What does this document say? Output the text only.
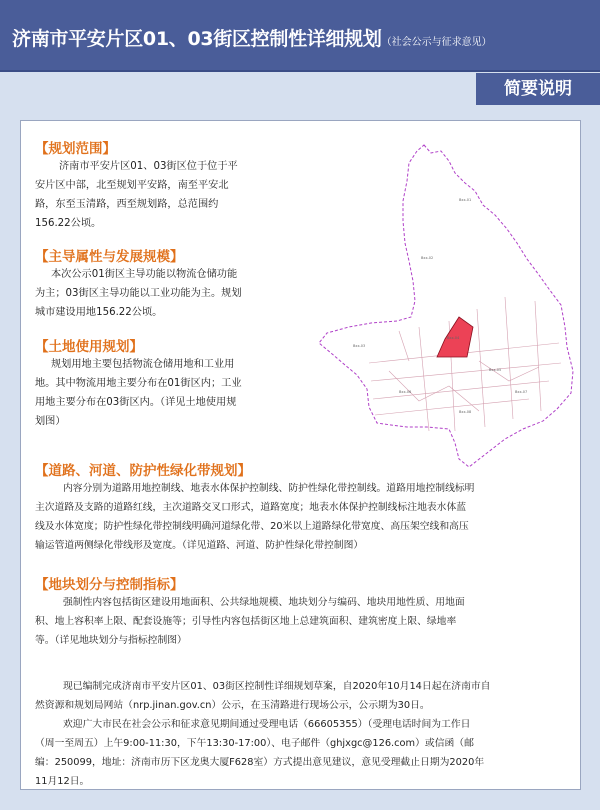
济南市平安片区01、03街区控制性详细规划（社会公示与征求意见）
简要说明
Bxx-01
Bxx-02
Bxx-03
Bxx-04
Bxx-05
Bxx-06	Bxx-07
Bxx-08

【规划范围】

济南市平安片区01、03街区位于位于平
安片区中部，北至规划平安路，南至平安北
路，东至玉清路，西至规划路，总范围约
156.22公顷。

【主导属性与发展规模】

本次公示01街区主导功能以物流仓储功能
为主；03街区主导功能以工业功能为主。规划
城市建设用地156.22公顷。

【土地使用规划】

规划用地主要包括物流仓储用地和工业用
地。其中物流用地主要分布在01街区内；工业
用地主要分布在03街区内。（详见土地使用规
划图）

【道路、河道、防护性绿化带规划】

内容分别为道路用地控制线、地表水体保护控制线、防护性绿化带控制线。道路用地控制线标明
主次道路及支路的道路红线，主次道路交叉口形式，道路宽度；地表水体保护控制线标注地表水体蓝
线及水体宽度；防护性绿化带控制线明确河道绿化带、20米以上道路绿化带宽度、高压架空线和高压
输运管道两侧绿化带线形及宽度。（详见道路、河道、防护性绿化带控制图）

【地块划分与控制指标】

强制性内容包括街区建设用地面积、公共绿地规模、地块划分与编码、地块用地性质、用地面
积、地上容积率上限、配套设施等；引导性内容包括街区地上总建筑面积、建筑密度上限、绿地率
等。（详见地块划分与指标控制图）

现已编制完成济南市平安片区01、03街区控制性详细规划草案，自2020年10月14日起在济南市自
然资源和规划局网站（nrp.jinan.gov.cn）公示，在玉清路进行现场公示，公示期为30日。

欢迎广大市民在社会公示和征求意见期间通过受理电话（66605355）（受理电话时间为工作日
（周一至周五）上午9:00-11:30，下午13:30-17:00）、电子邮件（ghjxgc@126.com）或信函（邮
编：250099，地址：济南市历下区龙奥大厦F628室）方式提出意见建议，意见受理截止日期为2020年
11月12日。
